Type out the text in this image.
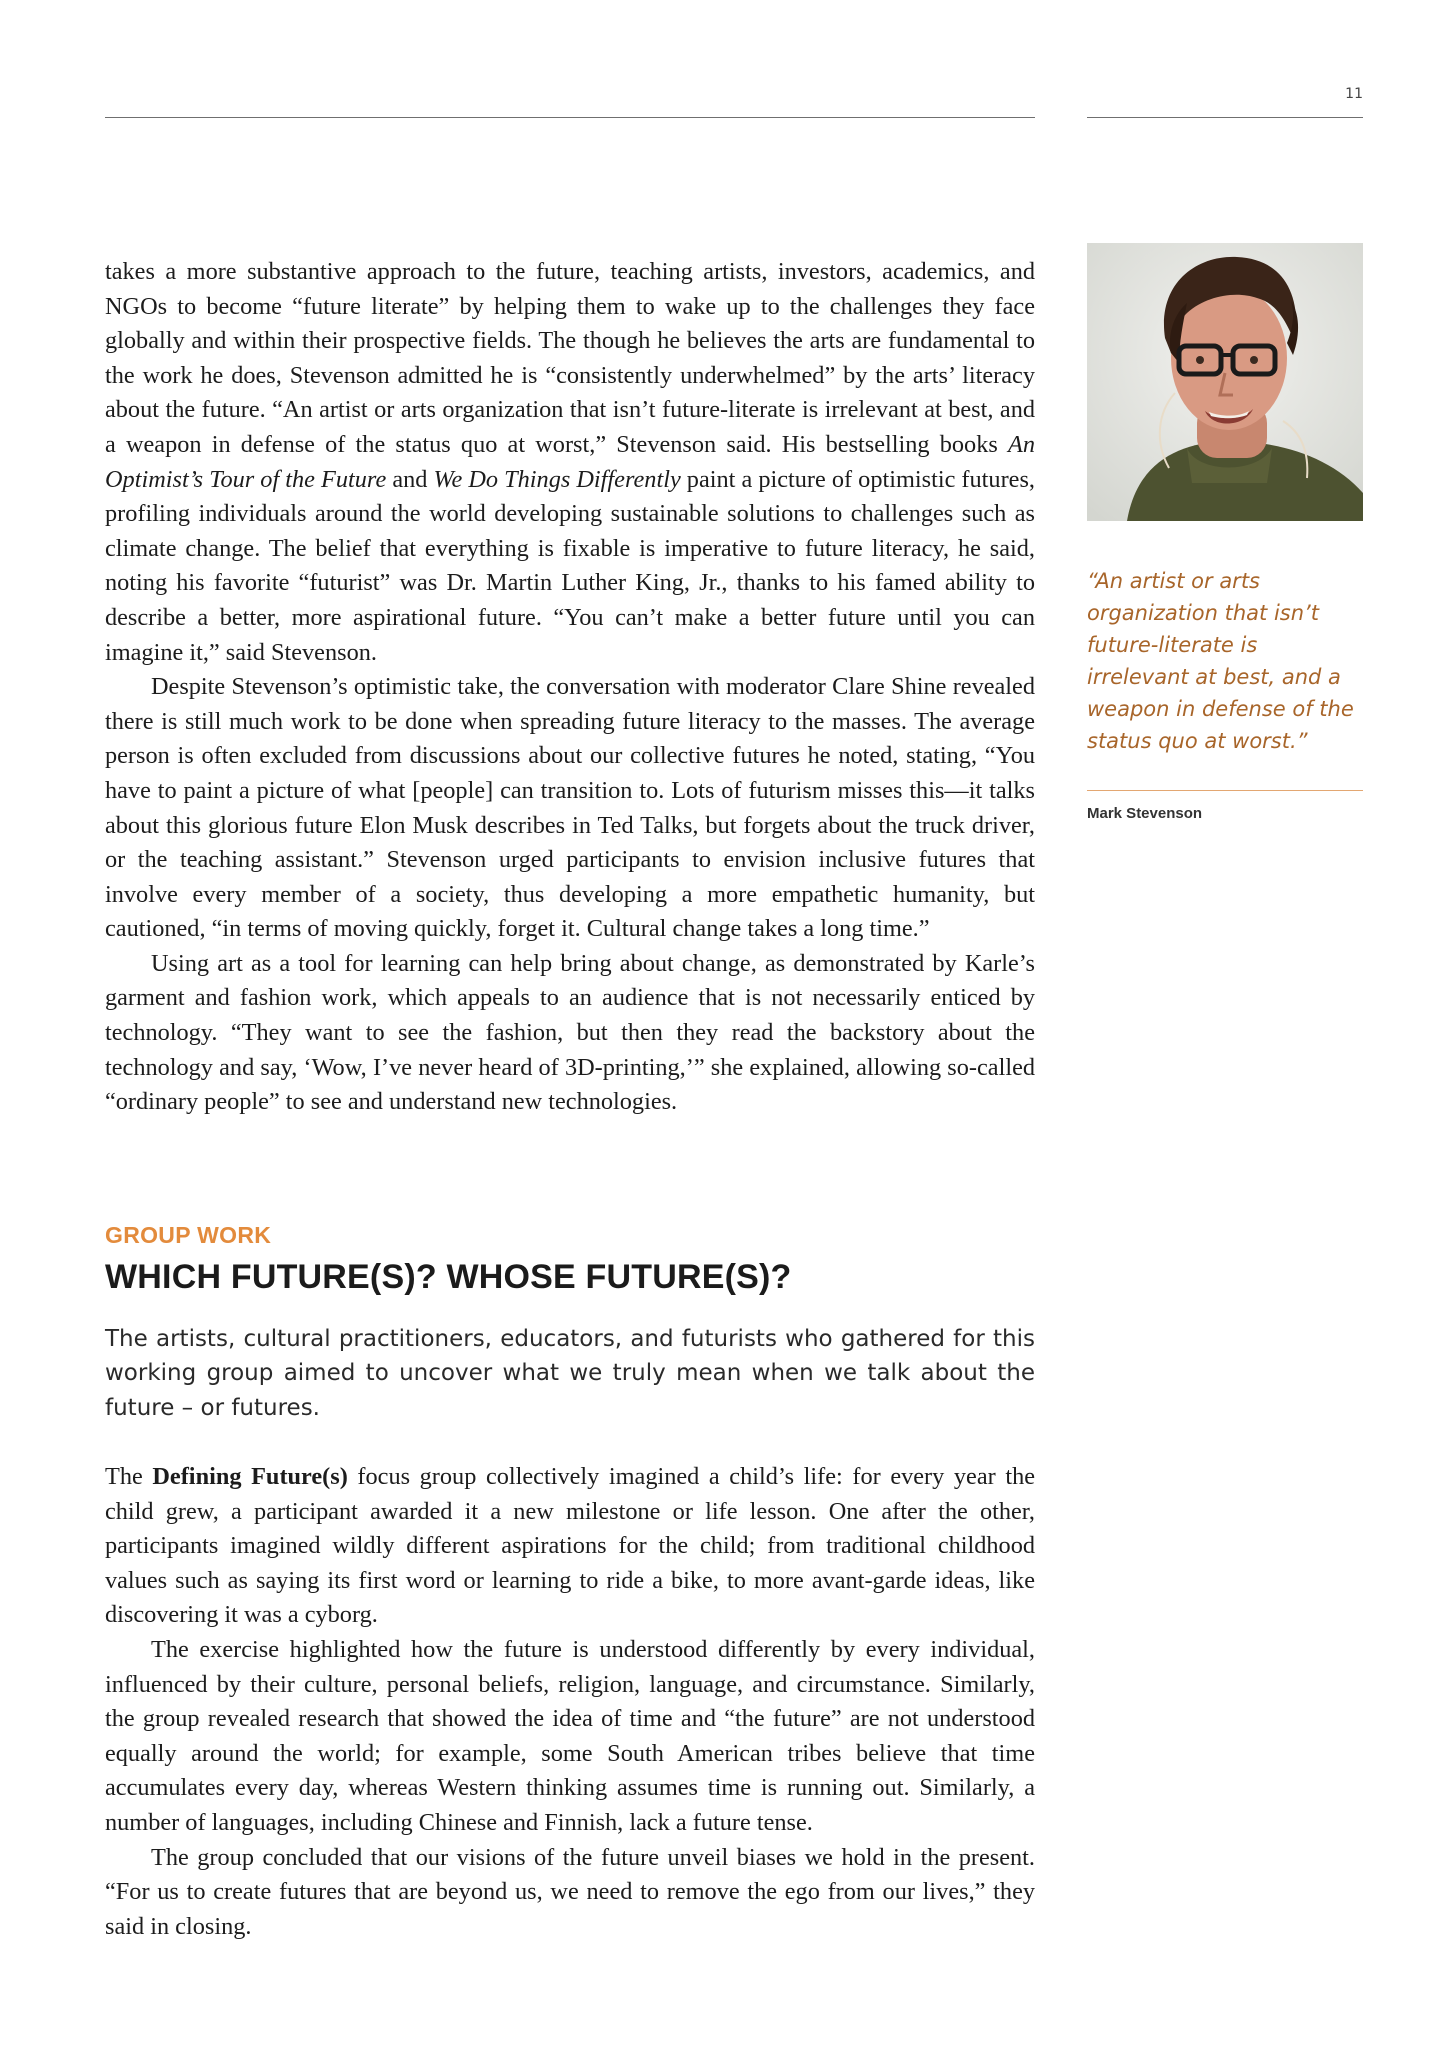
11

takes a more substantive approach to the future, teaching artists, investors, academics, and NGOs to become “future literate” by helping them to wake up to the challenges they face globally and within their prospective fields. The though he believes the arts are fundamental to the work he does, Stevenson admitted he is “consistently underwhelmed” by the arts’ literacy about the future. “An artist or arts organization that isn’t future-literate is irrelevant at best, and a weapon in defense of the status quo at worst,” Stevenson said. His bestselling books An Optimist’s Tour of the Future and We Do Things Differently paint a picture of optimistic futures, profiling individuals around the world developing sustainable solutions to challenges such as climate change. The belief that everything is fixable is imperative to future literacy, he said, noting his favorite “futurist” was Dr. Martin Luther King, Jr., thanks to his famed ability to describe a better, more aspirational future. “You can’t make a better future until you can imagine it,” said Stevenson.

Despite Stevenson’s optimistic take, the conversation with moderator Clare Shine revealed there is still much work to be done when spreading future literacy to the masses. The average person is often excluded from discussions about our collective futures he noted, stating, “You have to paint a picture of what [people] can transition to. Lots of futurism misses this—it talks about this glorious future Elon Musk describes in Ted Talks, but forgets about the truck driver, or the teaching assistant.” Stevenson urged participants to envision inclusive futures that involve every member of a society, thus developing a more empathetic humanity, but cautioned, “in terms of moving quickly, forget it. Cultural change takes a long time.”

Using art as a tool for learning can help bring about change, as demonstrated by Karle’s garment and fashion work, which appeals to an audience that is not necessarily enticed by technology. “They want to see the fashion, but then they read the backstory about the technology and say, ‘Wow, I’ve never heard of 3D-printing,’” she explained, allowing so-called “ordinary people” to see and understand new technologies.

“An artist or arts organization that isn’t future-literate is irrelevant at best, and a weapon in defense of the status quo at worst.”
Mark Stevenson
GROUP WORK
WHICH FUTURE(S)? WHOSE FUTURE(S)?
The artists, cultural practitioners, educators, and futurists who gathered for this working group aimed to uncover what we truly mean when we talk about the future – or futures.

The Defining Future(s) focus group collectively imagined a child’s life: for every year the child grew, a participant awarded it a new milestone or life lesson. One after the other, participants imagined wildly different aspirations for the child; from traditional childhood values such as saying its first word or learning to ride a bike, to more avant-garde ideas, like discovering it was a cyborg.

The exercise highlighted how the future is understood differently by every individual, influenced by their culture, personal beliefs, religion, language, and circumstance. Similarly, the group revealed research that showed the idea of time and “the future” are not understood equally around the world; for example, some South American tribes believe that time accumulates every day, whereas Western thinking assumes time is running out. Similarly, a number of languages, including Chinese and Finnish, lack a future tense.

The group concluded that our visions of the future unveil biases we hold in the present. “For us to create futures that are beyond us, we need to remove the ego from our lives,” they said in closing.
